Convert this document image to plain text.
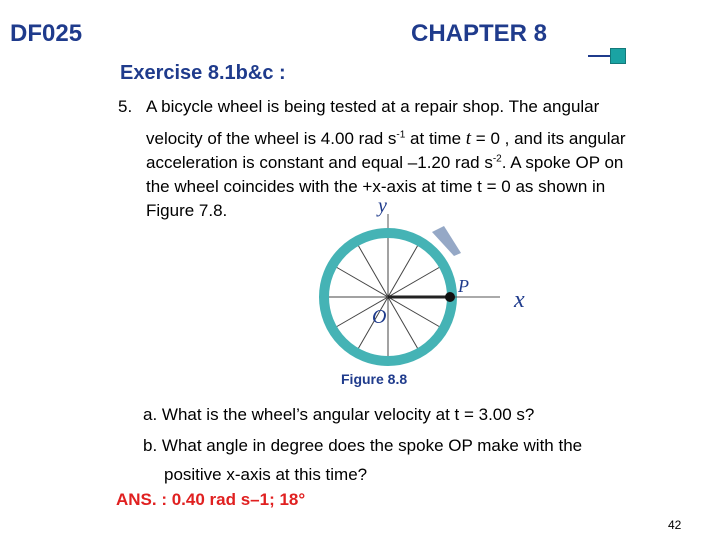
DF025	CHAPTER 8
Exercise 8.1b&c :
5. A bicycle wheel is being tested at a repair shop. The angular
velocity of the wheel is 4.00 rad $s^{-1}$ at time t = 0 , and its angular
acceleration is constant and equal –1.20 rad $s^{-2}$. A spoke OP on
the wheel coincides with the +x-axis at time t = 0 as shown in
Figure 7.8.	y
x
P
O
Figure 8.8
a. What is the wheel’s angular velocity at t = 3.00 s?
b. What angle in degree does the spoke OP make with the
positive x-axis at this time?
ANS. : 0.40 rad s–1; 18°
42
